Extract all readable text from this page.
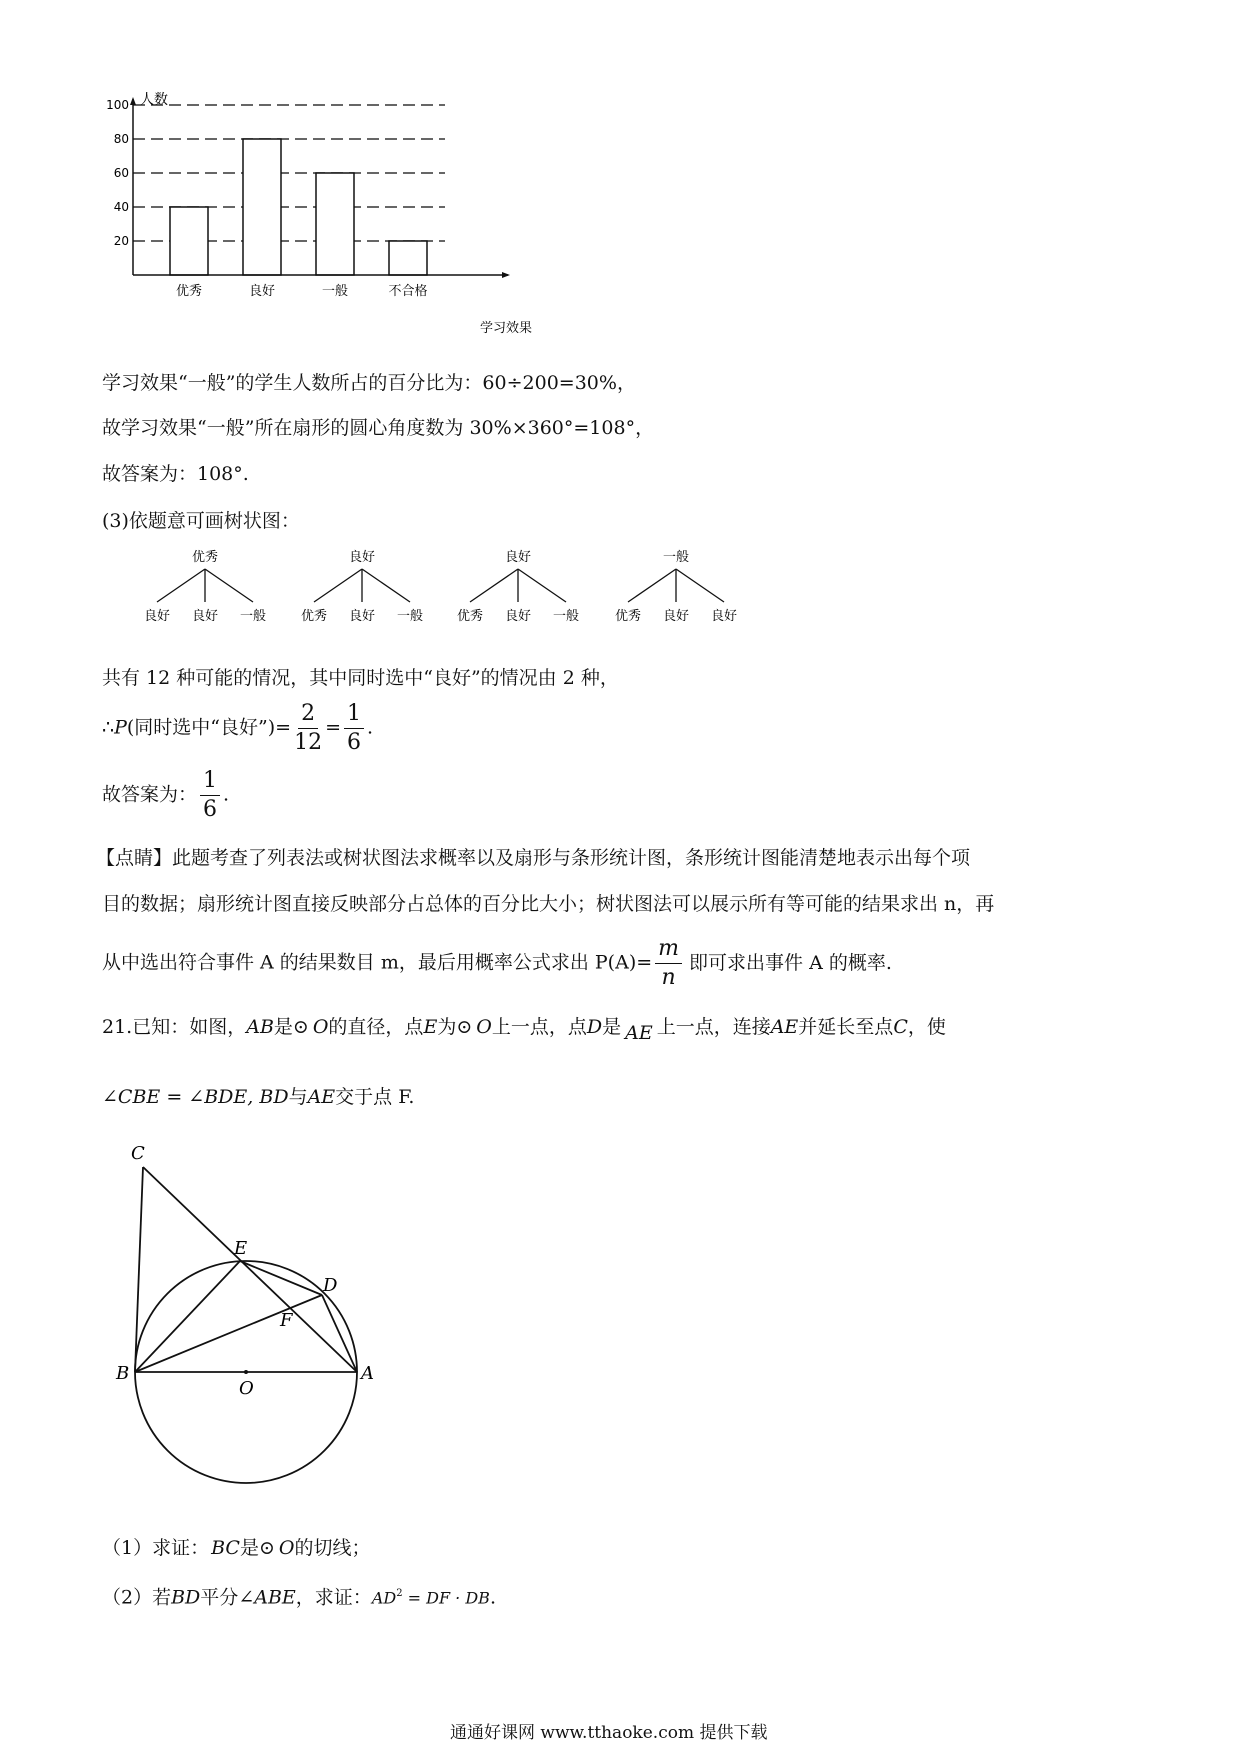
20
40
60
80
100
优秀	良好	一般	不合格
人数
学习效果
学习效果“一般”的学生人数所占的百分比为：60÷200=30%，
故学习效果“一般”所在扇形的圆心角度数为 30%×360°=108°，
故答案为：108°.
(3)依题意可画树状图：
优秀
良好 良好 一般
良好
优秀 良好 一般
良好
优秀 良好 一般
一般
优秀 良好 良好
共有 12 种可能的情况，其中同时选中“良好”的情况由 2 种，
∴P(同时选中“良好”)= $\frac{2}{12} = \frac{1}{6}$ .
故答案为： $\frac{1}{6}$ .
【点睛】此题考查了列表法或树状图法求概率以及扇形与条形统计图，条形统计图能清楚地表示出每个项
目的数据；扇形统计图直接反映部分占总体的百分比大小；树状图法可以展示所有等可能的结果求出 n，再
从中选出符合事件 A 的结果数目 m，最后用概率公式求出 $P(A)= \frac{m}{n}$ 即可求出事件 A 的概率.
21.已知：如图，AB是⊙ O的直径，点E为⊙ O上一点，点D是 AE 上一点，连接AE并延长至点C，使
∠CBE = ∠BDE, BD与AE交于点 F.
C
E
D
F
B
O
A
（1）求证： BC是⊙ O的切线；
（2）若BD平分∠ABE，求证：$AD^2$ = DF · DB.
通通好课网 www.tthaoke.com 提供下载
